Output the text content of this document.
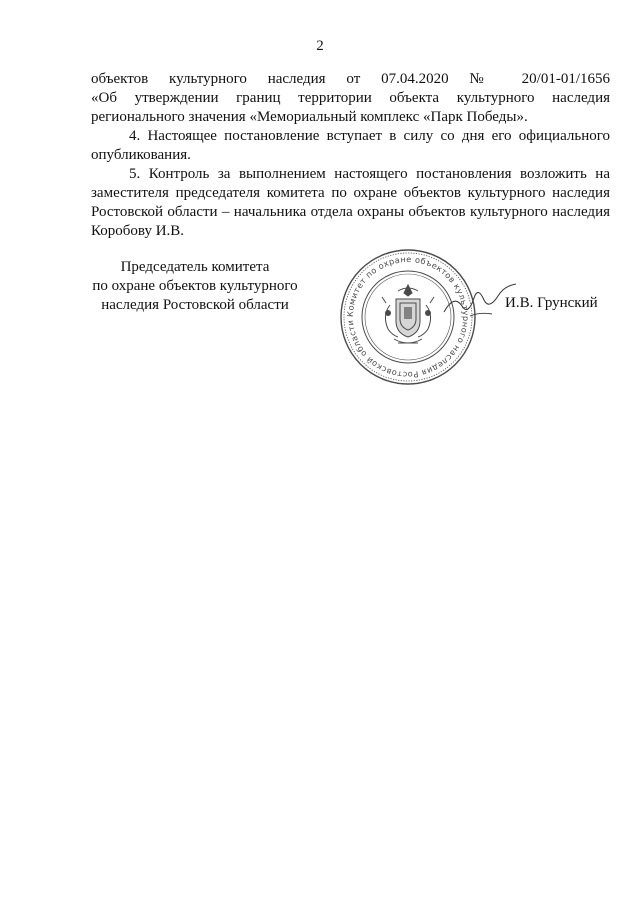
2

объектов культурного наследия от 07.04.2020 № 20/01-01/1656

«Об утверждении границ территории объекта культурного наследия регионального значения «Мемориальный комплекс «Парк Победы».

4. Настоящее постановление вступает в силу со дня его официального опубликования.

5. Контроль за выполнением настоящего постановления возложить на заместителя председателя комитета по охране объектов культурного наследия Ростовской области – начальника отдела охраны объектов культурного наследия Коробову И.В.

Председатель комитета
по охране объектов культурного
наследия Ростовской области
Комитет по охране объектов культурного наследия Ростовской области
И.В. Грунский
